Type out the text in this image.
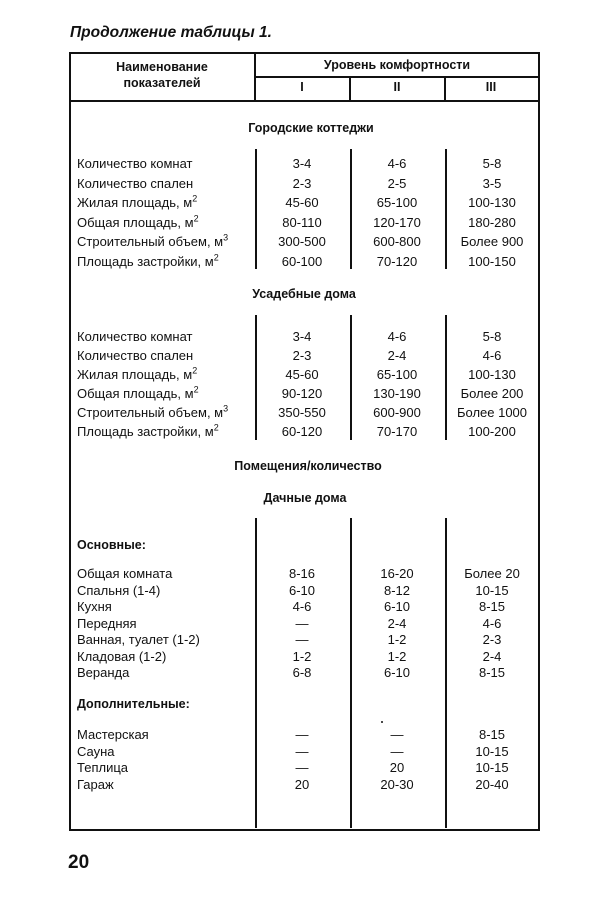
Продолжение таблицы 1.
Наименование
показателей
Уровень комфортности
I	II	III
Городские коттеджи
Усадебные дома
Помещения/количество
Дачные дома
Основные:
Дополнительные:
Количество комнат	3-4	4-6	5-8
Количество спален	2-3	2-5	3-5
Жилая площадь, $м^2$	45-60	65-100	100-130
Общая площадь, $м^2$	80-110	120-170	180-280
Строительный объем, $м^3$	300-500	600-800	Более 900
Площадь застройки, $м^2$	60-100	70-120	100-150
Количество комнат	3-4	4-6	5-8
Количество спален	2-3	2-4	4-6
Жилая площадь, $м^2$	45-60	65-100	100-130
Общая площадь, $м^2$	90-120	130-190	Более 200
Строительный объем, $м^3$	350-550	600-900	Более 1000
Площадь застройки, $м^2$	60-120	70-170	100-200
Общая комната	8-16	16-20	Более 20
Спальня (1-4)	6-10	8-12	10-15
Кухня	4-6	6-10	8-15
Передняя	—	2-4	4-6
Ванная, туалет (1-2)	—	1-2	2-3
Кладовая (1-2)	1-2	1-2	2-4
Веранда	6-8	6-10	8-15
Мастерская	—	—	8-15
Сауна	—	—	10-15
Теплица	—	20	10-15
Гараж	20	20-30	20-40
20
